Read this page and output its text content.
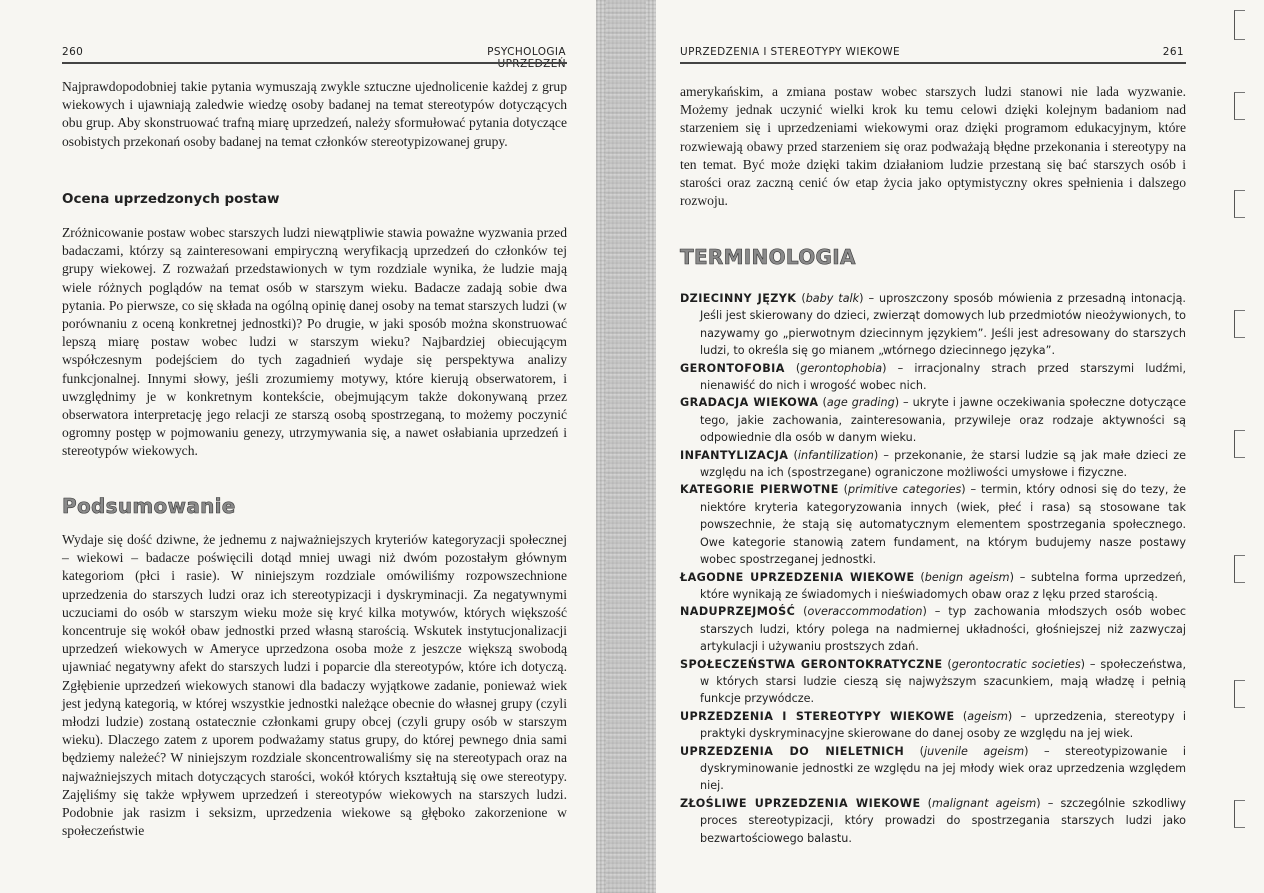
260	PSYCHOLOGIA UPRZEDZEŃ

Najprawdopodobniej takie pytania wymuszają zwykle sztuczne ujednolicenie każdej z grup wiekowych i ujawniają zaledwie wiedzę osoby badanej na temat stereotypów dotyczących obu grup. Aby skonstruować trafną miarę uprzedzeń, należy sformułować pytania dotyczące osobistych przekonań osoby badanej na temat członków stereotypizowanej grupy.

Ocena uprzedzonych postaw

Zróżnicowanie postaw wobec starszych ludzi niewątpliwie stawia poważne wyzwania przed badaczami, którzy są zainteresowani empiryczną weryfikacją uprzedzeń do członków tej grupy wiekowej. Z rozważań przedstawionych w tym rozdziale wynika, że ludzie mają wiele różnych poglądów na temat osób w starszym wieku. Badacze zadają sobie dwa pytania. Po pierwsze, co się składa na ogólną opinię danej osoby na temat starszych ludzi (w porównaniu z oceną konkretnej jednostki)? Po drugie, w jaki sposób można skonstruować lepszą miarę postaw wobec ludzi w starszym wieku? Najbardziej obiecującym współczesnym podejściem do tych zagadnień wydaje się perspektywa analizy funkcjonalnej. Innymi słowy, jeśli zrozumiemy motywy, które kierują obserwatorem, i uwzględnimy je w konkretnym kontekście, obejmującym także dokonywaną przez obserwatora interpretację jego relacji ze starszą osobą spostrzeganą, to możemy poczynić ogromny postęp w pojmowaniu genezy, utrzymywania się, a nawet osłabiania uprzedzeń i stereotypów wiekowych.

Podsumowanie

Wydaje się dość dziwne, że jednemu z najważniejszych kryteriów kategoryzacji społecznej – wiekowi – badacze poświęcili dotąd mniej uwagi niż dwóm pozostałym głównym kategoriom (płci i rasie). W niniejszym rozdziale omówiliśmy rozpowszechnione uprzedzenia do starszych ludzi oraz ich stereotypizacji i dyskryminacji. Za negatywnymi uczuciami do osób w starszym wieku może się kryć kilka motywów, których większość koncentruje się wokół obaw jednostki przed własną starością. Wskutek instytucjonalizacji uprzedzeń wiekowych w Ameryce uprzedzona osoba może z jeszcze większą swobodą ujawniać negatywny afekt do starszych ludzi i poparcie dla stereotypów, które ich dotyczą. Zgłębienie uprzedzeń wiekowych stanowi dla badaczy wyjątkowe zadanie, ponieważ wiek jest jedyną kategorią, w której wszystkie jednostki należące obecnie do własnej grupy (czyli młodzi ludzie) zostaną ostatecznie członkami grupy obcej (czyli grupy osób w starszym wieku). Dlaczego zatem z uporem podważamy status grupy, do której pewnego dnia sami będziemy należeć? W niniejszym rozdziale skoncentrowaliśmy się na stereotypach oraz na najważniejszych mitach dotyczących starości, wokół których kształtują się owe stereotypy. Zajęliśmy się także wpływem uprzedzeń i stereotypów wiekowych na starszych ludzi. Podobnie jak rasizm i seksizm, uprzedzenia wiekowe są głęboko zakorzenione w społeczeństwie

UPRZEDZENIA I STEREOTYPY WIEKOWE	261

amerykańskim, a zmiana postaw wobec starszych ludzi stanowi nie lada wyzwanie. Możemy jednak uczynić wielki krok ku temu celowi dzięki kolejnym badaniom nad starzeniem się i uprzedzeniami wiekowymi oraz dzięki programom edukacyjnym, które rozwiewają obawy przed starzeniem się oraz podważają błędne przekonania i stereotypy na ten temat. Być może dzięki takim działaniom ludzie przestaną się bać starszych osób i starości oraz zaczną cenić ów etap życia jako optymistyczny okres spełnienia i dalszego rozwoju.

TERMINOLOGIA

DZIECINNY JĘZYK (baby talk) – uproszczony sposób mówienia z przesadną intonacją. Jeśli jest skierowany do dzieci, zwierząt domowych lub przedmiotów nieożywionych, to nazywamy go „pierwotnym dziecinnym językiem”. Jeśli jest adresowany do starszych ludzi, to określa się go mianem „wtórnego dziecinnego języka”.

GERONTOFOBIA (gerontophobia) – irracjonalny strach przed starszymi ludźmi, nienawiść do nich i wrogość wobec nich.

GRADACJA WIEKOWA (age grading) – ukryte i jawne oczekiwania społeczne dotyczące tego, jakie zachowania, zainteresowania, przywileje oraz rodzaje aktywności są odpowiednie dla osób w danym wieku.

INFANTYLIZACJA (infantilization) – przekonanie, że starsi ludzie są jak małe dzieci ze względu na ich (spostrzegane) ograniczone możliwości umysłowe i fizyczne.

KATEGORIE PIERWOTNE (primitive categories) – termin, który odnosi się do tezy, że niektóre kryteria kategoryzowania innych (wiek, płeć i rasa) są stosowane tak powszechnie, że stają się automatycznym elementem spostrzegania społecznego. Owe kategorie stanowią zatem fundament, na którym budujemy nasze postawy wobec spostrzeganej jednostki.

ŁAGODNE UPRZEDZENIA WIEKOWE (benign ageism) – subtelna forma uprzedzeń, które wynikają ze świadomych i nieświadomych obaw oraz z lęku przed starością.

NADUPRZEJMOŚĆ (overaccommodation) – typ zachowania młodszych osób wobec starszych ludzi, który polega na nadmiernej układności, głośniejszej niż zazwyczaj artykulacji i używaniu prostszych zdań.

SPOŁECZEŃSTWA GERONTOKRATYCZNE (gerontocratic societies) – społeczeństwa, w których starsi ludzie cieszą się najwyższym szacunkiem, mają władzę i pełnią funkcje przywódcze.

UPRZEDZENIA I STEREOTYPY WIEKOWE (ageism) – uprzedzenia, stereotypy i praktyki dyskryminacyjne skierowane do danej osoby ze względu na jej wiek.

UPRZEDZENIA DO NIELETNICH (juvenile ageism) – stereotypizowanie i dyskryminowanie jednostki ze względu na jej młody wiek oraz uprzedzenia względem niej.

ZŁOŚLIWE UPRZEDZENIA WIEKOWE (malignant ageism) – szczególnie szkodliwy proces stereotypizacji, który prowadzi do spostrzegania starszych ludzi jako bezwartościowego balastu.
